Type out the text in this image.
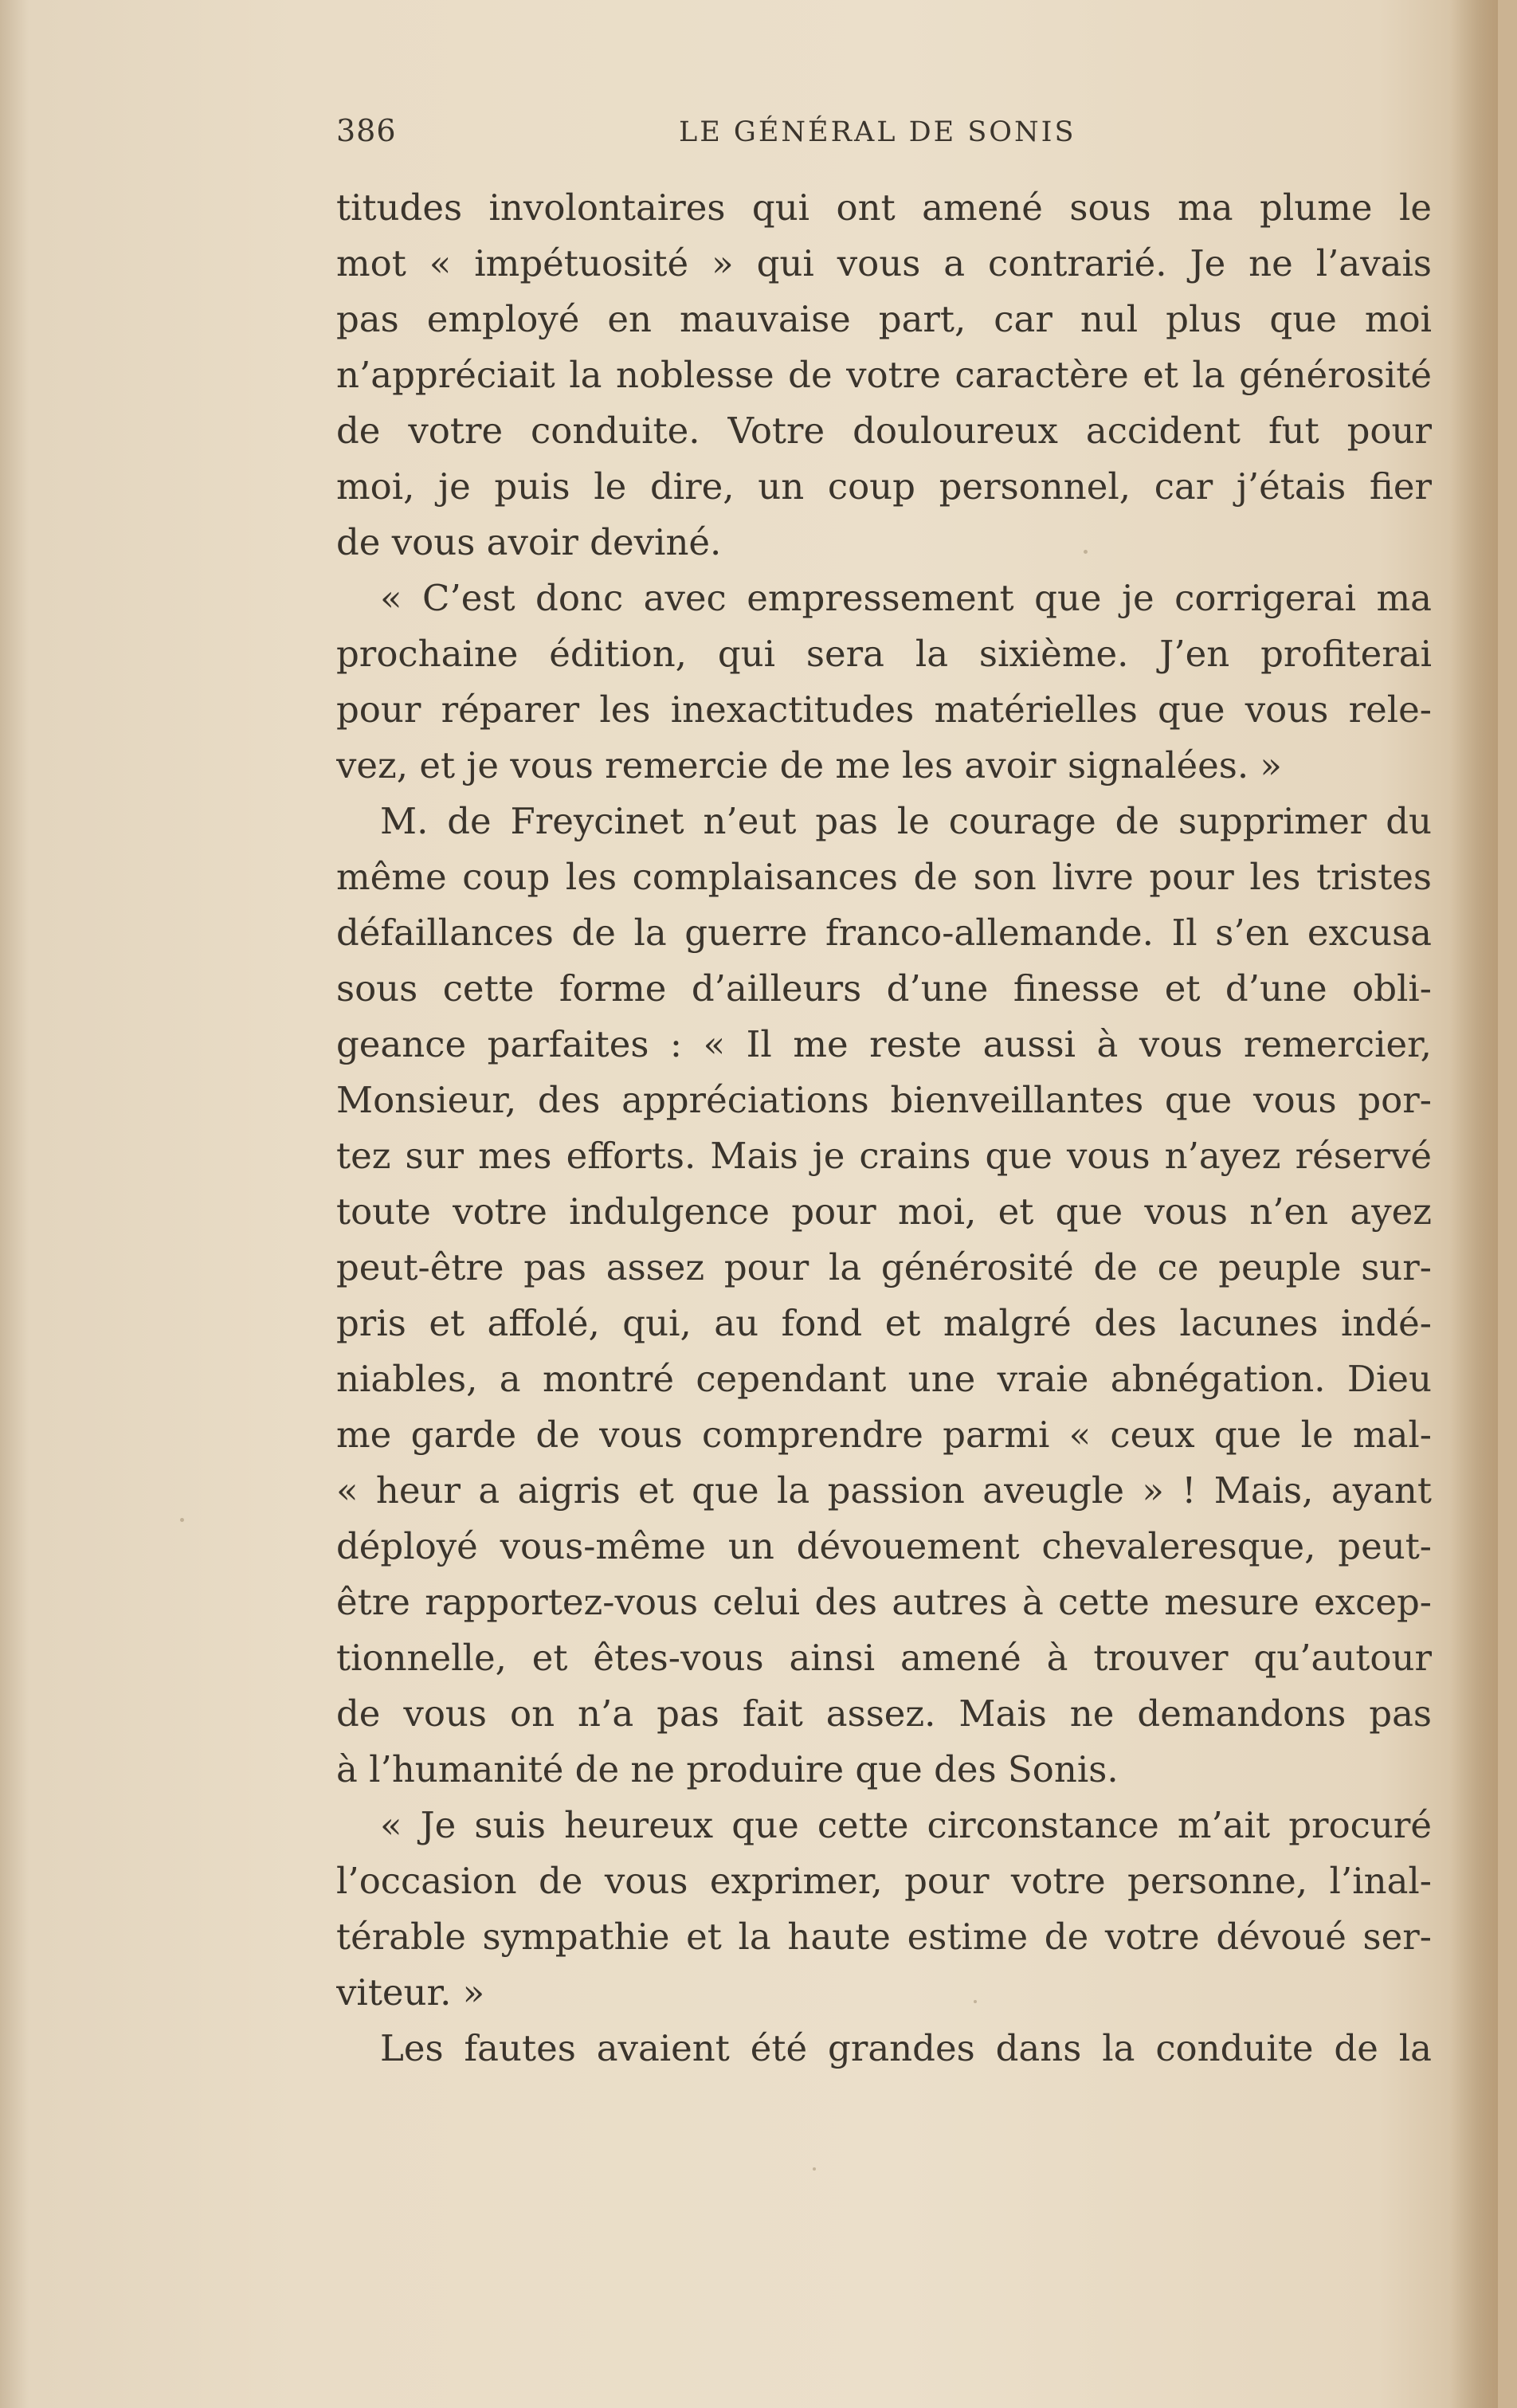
386	LE GÉNÉRAL DE SONIS
titudes involontaires qui ont amené sous ma plume le
mot « impétuosité » qui vous a contrarié. Je ne l’avais
pas employé en mauvaise part, car nul plus que moi
n’appréciait la noblesse de votre caractère et la générosité
de votre conduite. Votre douloureux accident fut pour
moi, je puis le dire, un coup personnel, car j’étais fier
de vous avoir deviné.
« C’est donc avec empressement que je corrigerai ma
prochaine édition, qui sera la sixième. J’en profiterai
pour réparer les inexactitudes matérielles que vous rele-
vez, et je vous remercie de me les avoir signalées. »
M. de Freycinet n’eut pas le courage de supprimer du
même coup les complaisances de son livre pour les tristes
défaillances de la guerre franco-allemande. Il s’en excusa
sous cette forme d’ailleurs d’une finesse et d’une obli-
geance parfaites : « Il me reste aussi à vous remercier,
Monsieur, des appréciations bienveillantes que vous por-
tez sur mes efforts. Mais je crains que vous n’ayez réservé
toute votre indulgence pour moi, et que vous n’en ayez
peut-être pas assez pour la générosité de ce peuple sur-
pris et affolé, qui, au fond et malgré des lacunes indé-
niables, a montré cependant une vraie abnégation. Dieu
me garde de vous comprendre parmi « ceux que le mal-
« heur a aigris et que la passion aveugle » ! Mais, ayant
déployé vous-même un dévouement chevaleresque, peut-
être rapportez-vous celui des autres à cette mesure excep-
tionnelle, et êtes-vous ainsi amené à trouver qu’autour
de vous on n’a pas fait assez. Mais ne demandons pas
à l’humanité de ne produire que des Sonis.
« Je suis heureux que cette circonstance m’ait procuré
l’occasion de vous exprimer, pour votre personne, l’inal-
térable sympathie et la haute estime de votre dévoué ser-
viteur. »
Les fautes avaient été grandes dans la conduite de la
